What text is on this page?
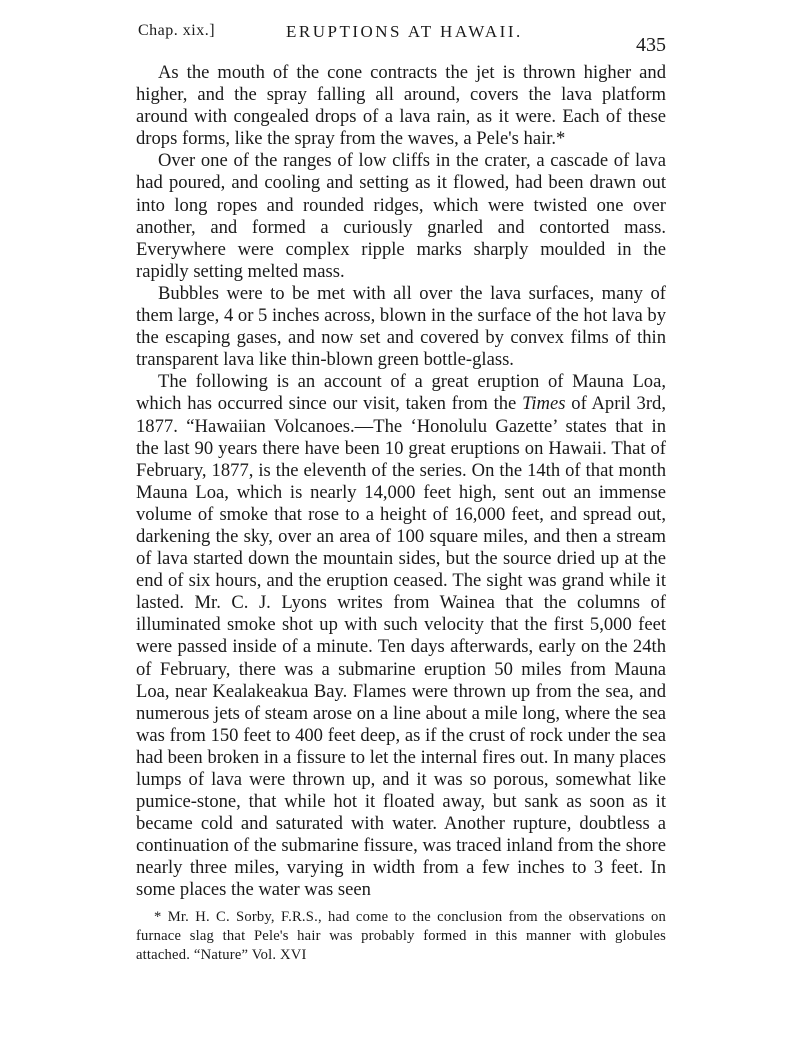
Chap. xix.]	ERUPTIONS AT HAWAII.
435

As the mouth of the cone contracts the jet is thrown higher and higher, and the spray falling all around, covers the lava platform around with congealed drops of a lava rain, as it were. Each of these drops forms, like the spray from the waves, a Pele's hair.*

Over one of the ranges of low cliffs in the crater, a cascade of lava had poured, and cooling and setting as it flowed, had been drawn out into long ropes and rounded ridges, which were twisted one over another, and formed a curiously gnarled and contorted mass. Everywhere were complex ripple marks sharply moulded in the rapidly setting melted mass.

Bubbles were to be met with all over the lava surfaces, many of them large, 4 or 5 inches across, blown in the surface of the hot lava by the escaping gases, and now set and covered by convex films of thin transparent lava like thin-blown green bottle-glass.

The following is an account of a great eruption of Mauna Loa, which has occurred since our visit, taken from the Times of April 3rd, 1877. “Hawaiian Volcanoes.—The ‘Honolulu Gazette’ states that in the last 90 years there have been 10 great eruptions on Hawaii. That of February, 1877, is the eleventh of the series. On the 14th of that month Mauna Loa, which is nearly 14,000 feet high, sent out an immense volume of smoke that rose to a height of 16,000 feet, and spread out, darkening the sky, over an area of 100 square miles, and then a stream of lava started down the mountain sides, but the source dried up at the end of six hours, and the eruption ceased. The sight was grand while it lasted. Mr. C. J. Lyons writes from Wainea that the columns of illuminated smoke shot up with such velocity that the first 5,000 feet were passed inside of a minute. Ten days afterwards, early on the 24th of February, there was a submarine eruption 50 miles from Mauna Loa, near Kealakeakua Bay. Flames were thrown up from the sea, and numerous jets of steam arose on a line about a mile long, where the sea was from 150 feet to 400 feet deep, as if the crust of rock under the sea had been broken in a fissure to let the internal fires out. In many places lumps of lava were thrown up, and it was so porous, somewhat like pumice-stone, that while hot it floated away, but sank as soon as it became cold and saturated with water. Another rupture, doubtless a continuation of the submarine fissure, was traced inland from the shore nearly three miles, varying in width from a few inches to 3 feet. In some places the water was seen

* Mr. H. C. Sorby, F.R.S., had come to the conclusion from the observations on furnace slag that Pele's hair was probably formed in this manner with globules attached. “Nature” Vol. XVI
